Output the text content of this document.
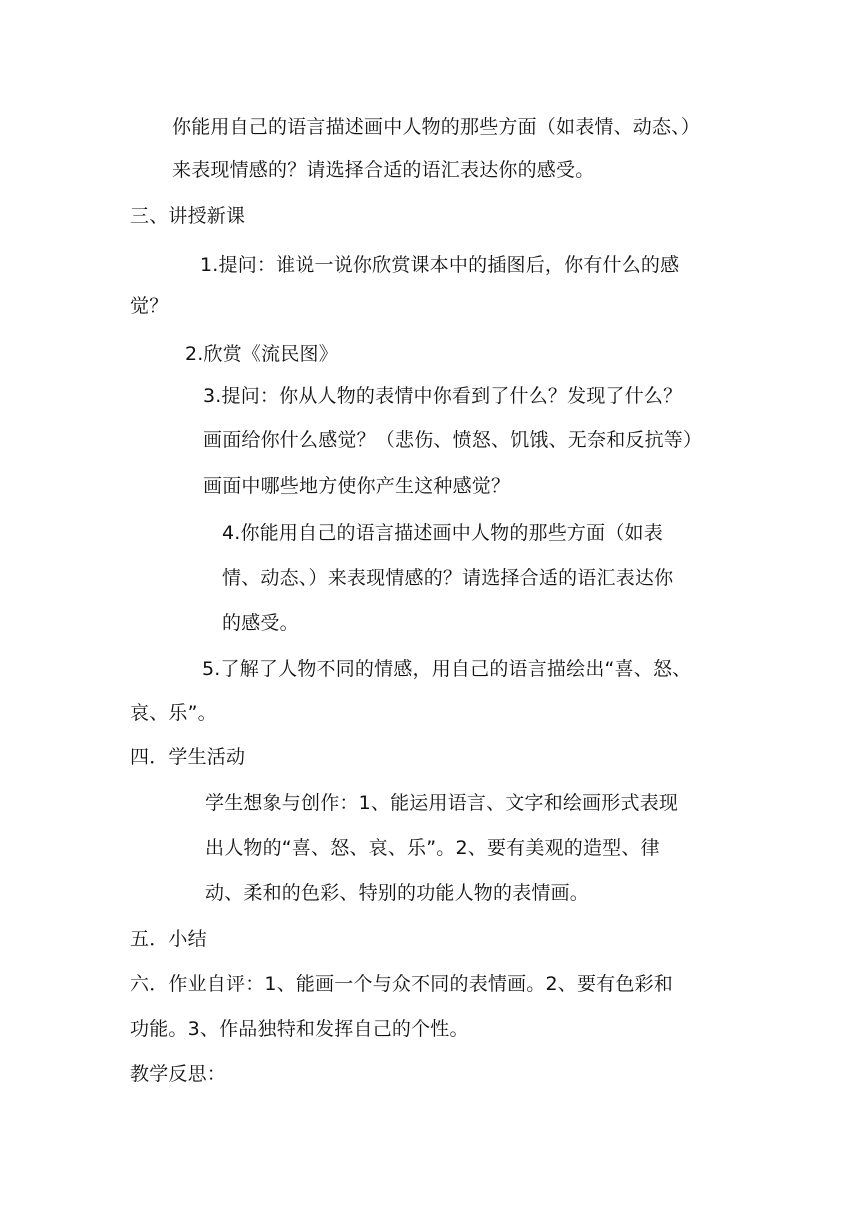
你能用自己的语言描述画中人物的那些方面（如表情、动态、）
来表现情感的？请选择合适的语汇表达你的感受。
三、讲授新课
1.提问：谁说一说你欣赏课本中的插图后，你有什么的感
觉？
2.欣赏《流民图》
3.提问：你从人物的表情中你看到了什么？发现了什么？
画面给你什么感觉？（悲伤、愤怒、饥饿、无奈和反抗等）
画面中哪些地方使你产生这种感觉？
4.你能用自己的语言描述画中人物的那些方面（如表
情、动态、）来表现情感的？请选择合适的语汇表达你
的感受。
5.了解了人物不同的情感，用自己的语言描绘出“喜、怒、
哀、乐”。
四．学生活动
学生想象与创作：1、能运用语言、文字和绘画形式表现
出人物的“喜、怒、哀、乐”。2、要有美观的造型、律
动、柔和的色彩、特别的功能人物的表情画。
五．小结
六．作业自评：1、能画一个与众不同的表情画。2、要有色彩和
功能。3、作品独特和发挥自己的个性。
教学反思：
